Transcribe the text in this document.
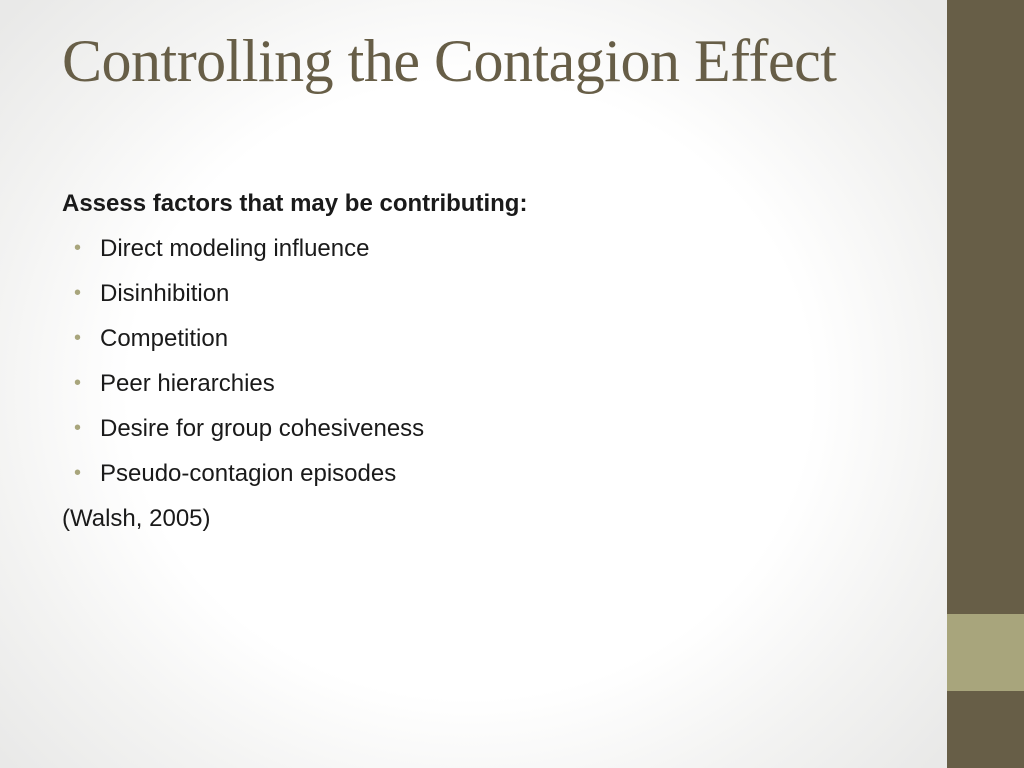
Controlling the Contagion Effect

Assess factors that may be contributing:

• Direct modeling influence
• Disinhibition
• Competition
• Peer hierarchies
• Desire for group cohesiveness
• Pseudo-contagion episodes

(Walsh, 2005)
